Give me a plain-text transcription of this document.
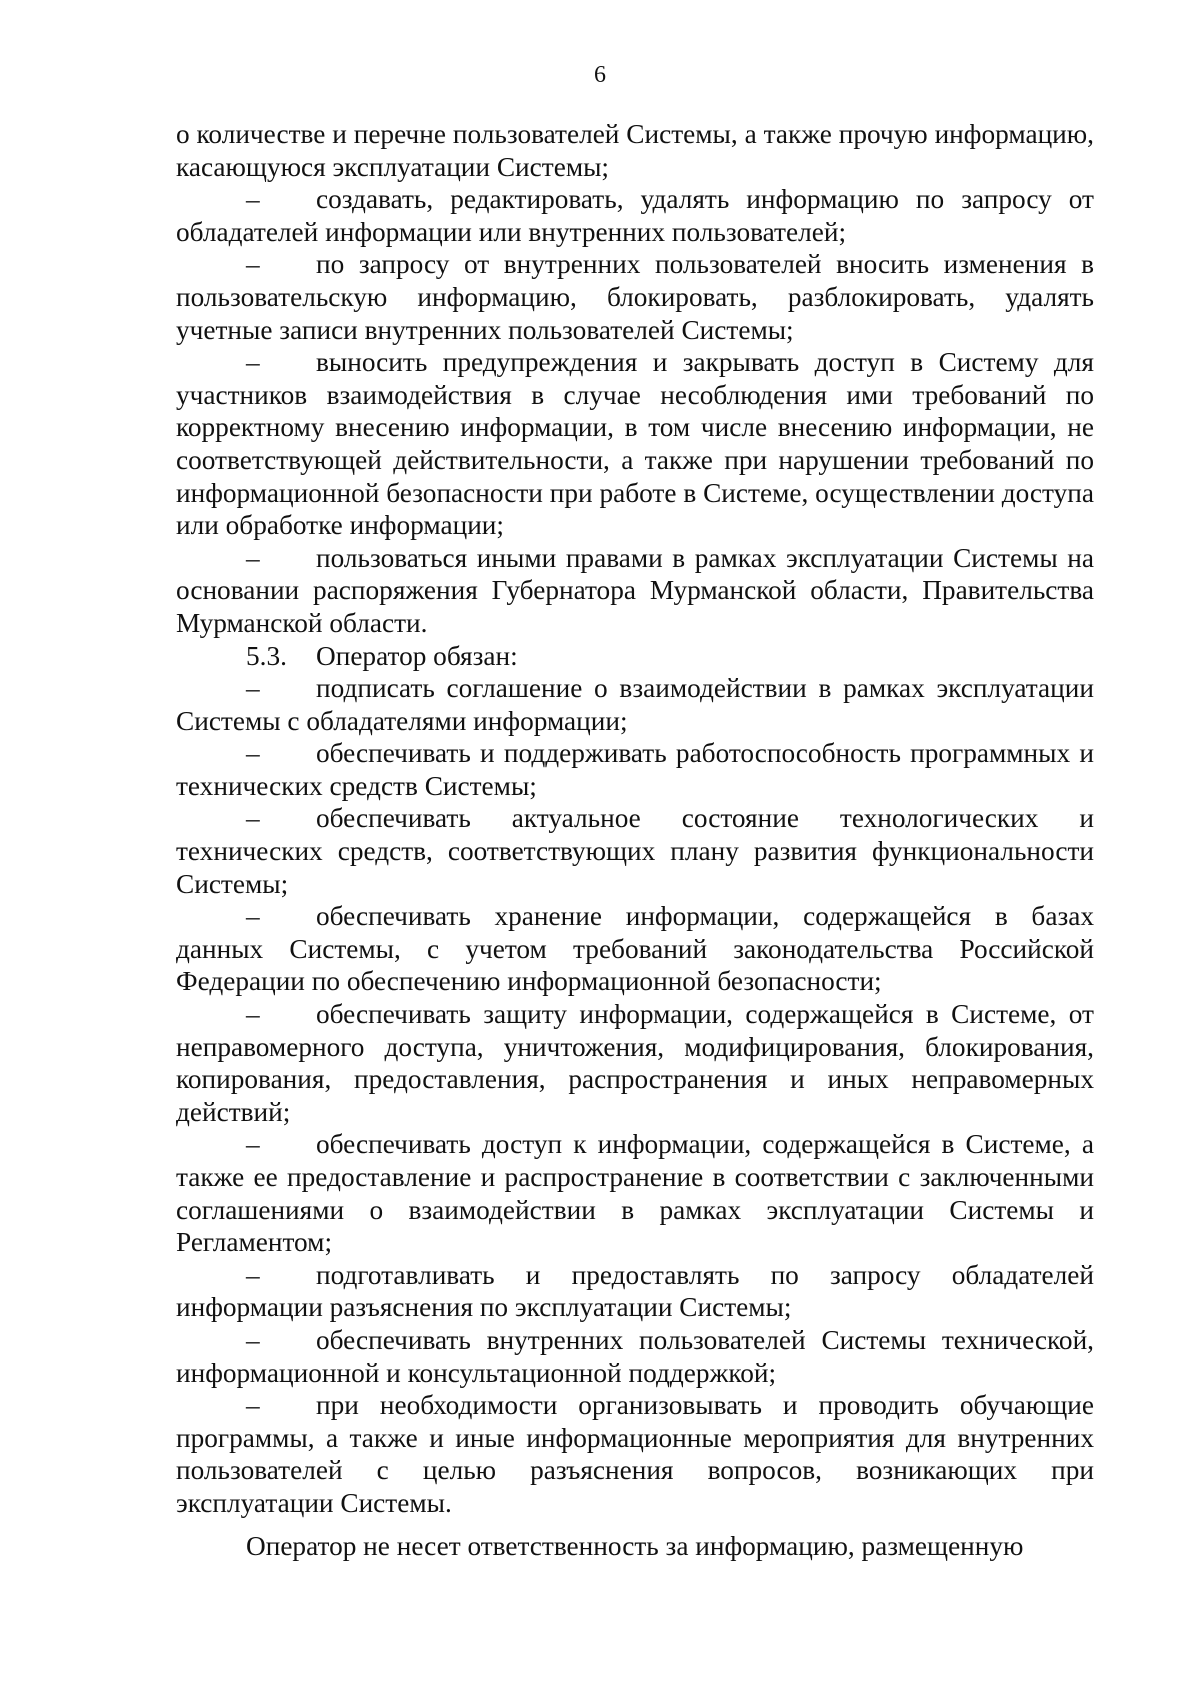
6

о количестве и перечне пользователей Системы, а также прочую информацию, касающуюся эксплуатации Системы;

– создавать, редактировать, удалять информацию по запросу от обладателей информации или внутренних пользователей;

– по запросу от внутренних пользователей вносить изменения в пользовательскую информацию, блокировать, разблокировать, удалять учетные записи внутренних пользователей Системы;

– выносить предупреждения и закрывать доступ в Систему для участников взаимодействия в случае несоблюдения ими требований по корректному внесению информации, в том числе внесению информации, не соответствующей действительности, а также при нарушении требований по информационной безопасности при работе в Системе, осуществлении доступа или обработке информации;

– пользоваться иными правами в рамках эксплуатации Системы на основании распоряжения Губернатора Мурманской области, Правительства Мурманской области.

5.3. Оператор обязан:

– подписать соглашение о взаимодействии в рамках эксплуатации Системы с обладателями информации;

– обеспечивать и поддерживать работоспособность программных и технических средств Системы;

– обеспечивать актуальное состояние технологических и технических средств, соответствующих плану развития функциональности Системы;

– обеспечивать хранение информации, содержащейся в базах данных Системы, с учетом требований законодательства Российской Федерации по обеспечению информационной безопасности;

– обеспечивать защиту информации, содержащейся в Системе, от неправомерного доступа, уничтожения, модифицирования, блокирования, копирования, предоставления, распространения и иных неправомерных действий;

– обеспечивать доступ к информации, содержащейся в Системе, а также ее предоставление и распространение в соответствии с заключенными соглашениями о взаимодействии в рамках эксплуатации Системы и Регламентом;

– подготавливать и предоставлять по запросу обладателей информации разъяснения по эксплуатации Системы;

– обеспечивать внутренних пользователей Системы технической, информационной и консультационной поддержкой;

– при необходимости организовывать и проводить обучающие программы, а также и иные информационные мероприятия для внутренних пользователей с целью разъяснения вопросов, возникающих при эксплуатации Системы.

Оператор не несет ответственность за информацию, размещенную
